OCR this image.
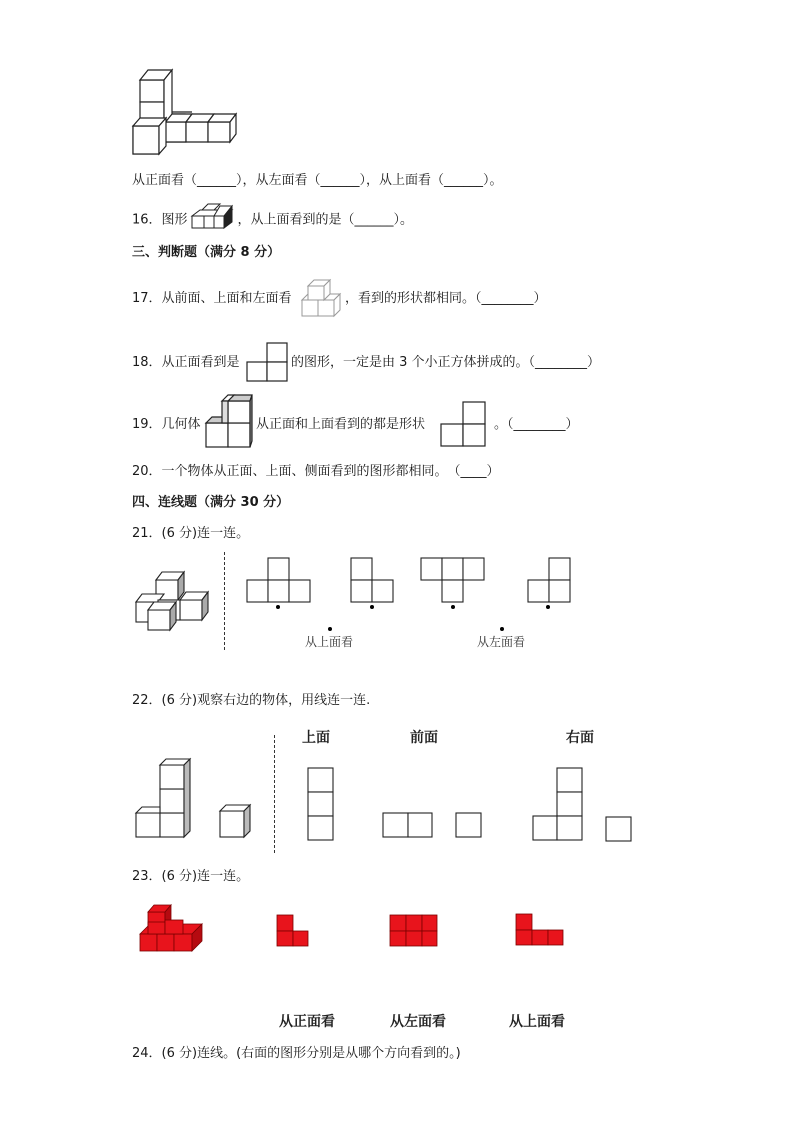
从正面看（______），从左面看（______），从上面看（______）。
16．图形	，从上面看到的是（______）。
三、判断题（满分 8 分）
17．从前面、上面和左面看	，看到的形状都相同。（________）
18．从正面看到是	的图形，一定是由 3 个小正方体拼成的。（________）
19．几何体	从正面和上面看到的都是形状	。（________）
20．一个物体从正面、上面、侧面看到的图形都相同。　（____）
四、连线题（满分 30 分）
21．(6 分)连一连。
从上面看	从左面看
22．(6 分)观察右边的物体，用线连一连.
上面	前面	右面
23．(6 分)连一连。
从正面看	从左面看	从上面看
24．(6 分)连线。(右面的图形分别是从哪个方向看到的。)
